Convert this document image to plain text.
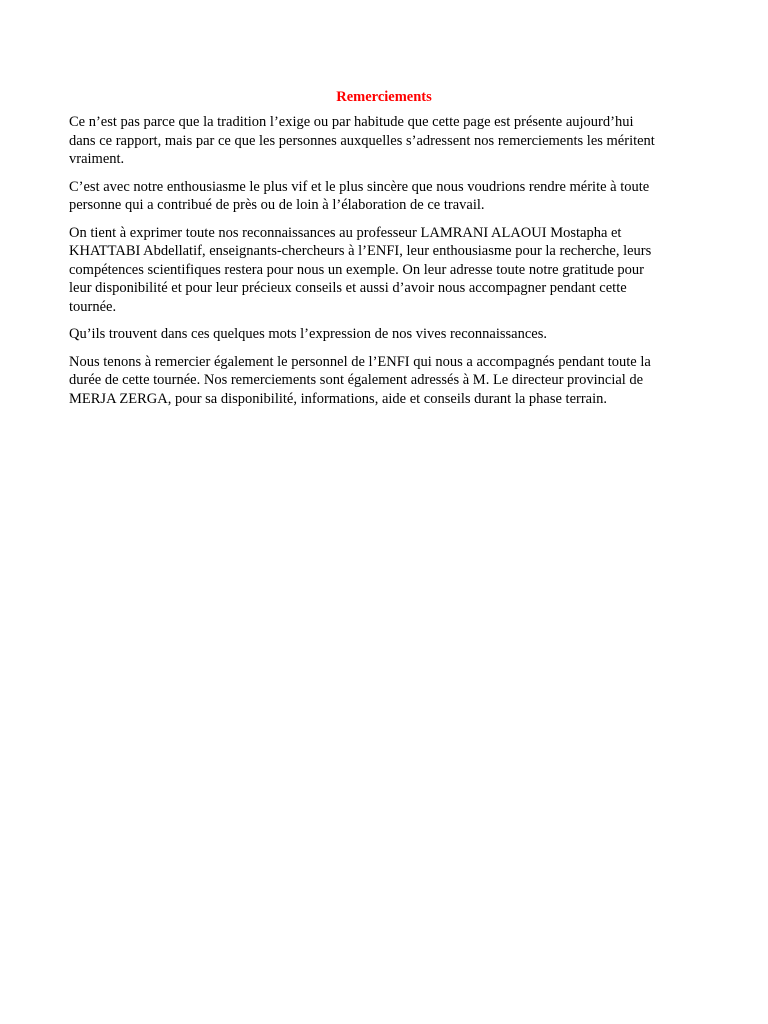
Remerciements

Ce n’est pas parce que la tradition l’exige ou par habitude que cette page est présente aujourd’hui
dans ce rapport, mais par ce que les personnes auxquelles s’adressent nos remerciements les méritent
vraiment.

C’est avec notre enthousiasme le plus vif et le plus sincère que nous voudrions rendre mérite à toute
personne qui a contribué de près ou de loin à l’élaboration de ce travail.

On tient à exprimer toute nos reconnaissances au professeur LAMRANI ALAOUI Mostapha et
KHATTABI Abdellatif, enseignants-chercheurs à l’ENFI, leur enthousiasme pour la recherche, leurs
compétences scientifiques restera pour nous un exemple. On leur adresse toute notre gratitude pour
leur disponibilité et pour leur précieux conseils et aussi d’avoir nous accompagner pendant cette
tournée.

Qu’ils trouvent dans ces quelques mots l’expression de nos vives reconnaissances.

Nous tenons à remercier également le personnel de l’ENFI qui nous a accompagnés pendant toute la
durée de cette tournée. Nos remerciements sont également adressés à M. Le directeur provincial de
MERJA ZERGA, pour sa disponibilité, informations, aide et conseils durant la phase terrain.
